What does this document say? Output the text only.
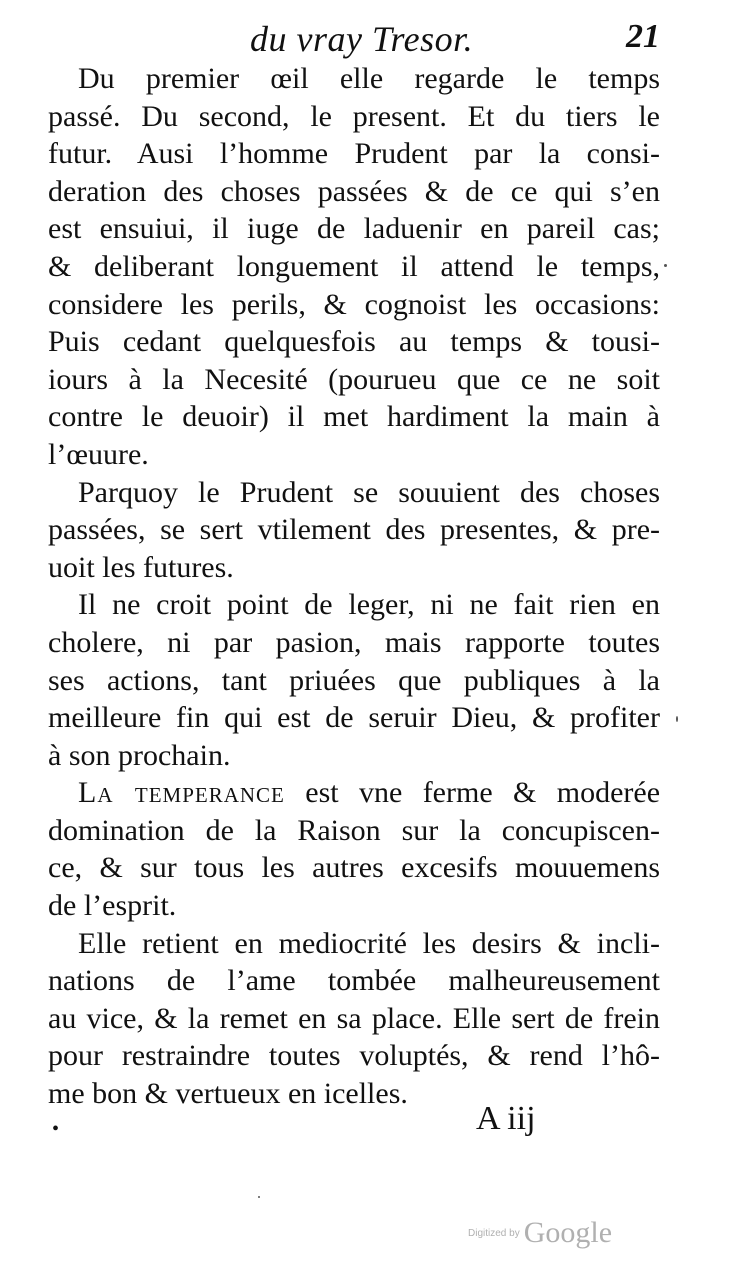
du vray Tresor.	21
Du premier œil elle regarde le temps
passé. Du second, le present. Et du tiers le
futur. Ausi l’homme Prudent par la consi-
deration des choses passées & de ce qui s’en
est ensuiui, il iuge de laduenir en pareil cas;
& deliberant longuement il attend le temps,
considere les perils, & cognoist les occasions:
Puis cedant quelquesfois au temps & tousi-
iours à la Necesité (pourueu que ce ne soit
contre le deuoir) il met hardiment la main à
l’œuure.
Parquoy le Prudent se souuient des choses
passées, se sert vtilement des presentes, & pre-
uoit les futures.
Il ne croit point de leger, ni ne fait rien en
cholere, ni par pasion, mais rapporte toutes
ses actions, tant priuées que publiques à la
meilleure fin qui est de seruir Dieu, & profiter
à son prochain.
La temperance est vne ferme & moderée
domination de la Raison sur la concupiscen-
ce, & sur tous les autres excesifs mouuemens
de l’esprit.
Elle retient en mediocrité les desirs & incli-
nations de l’ame tombée malheureusement
au vice, & la remet en sa place. Elle sert de frein
pour restraindre toutes voluptés, & rend l’hô-
me bon & vertueux en icelles.
•	A iij
Digitized by Google
